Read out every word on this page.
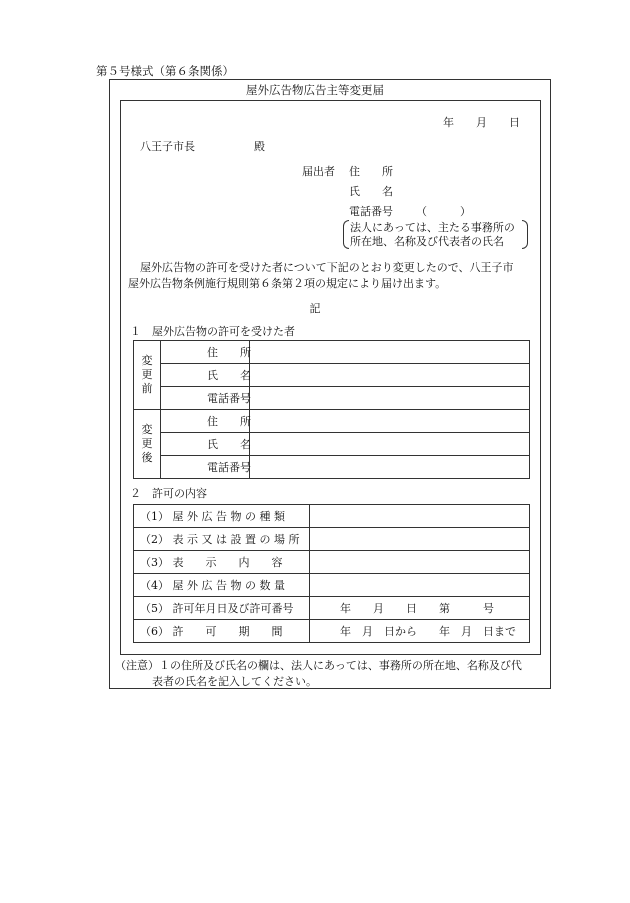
第５号様式（第６条関係）
屋外広告物広告主等変更届
年　　月　　日
八王子市長	殿
届出者 住　　所
氏　　名
電話番号 （　　　）
法人にあっては、主たる事務所の
所在地、名称及び代表者の氏名
屋外広告物の許可を受けた者について下記のとおり変更したので、八王子市
屋外広告物条例施行規則第６条第２項の規定により届け出ます。
記
１　屋外広告物の許可を受けた者
変
更
前	住　　所	
	氏　　名	
	電話番号	
変
更
後	住　　所	
	氏　　名	
	電話番号	
２　許可の内容
（1） 屋 外 広 告 物 の 種 類	
（2） 表 示 又 は 設 置 の 場 所	
（3） 表　　示　　内　　容	
（4） 屋 外 広 告 物 の 数 量	
（5） 許可年月日及び許可番号	年　　月　　日　　第　　　号
（6） 許　　可　　期　　間	年　月　日から　　年　月　日まで
（注意）１の住所及び氏名の欄は、法人にあっては、事務所の所在地、名称及び代
表者の氏名を記入してください。
